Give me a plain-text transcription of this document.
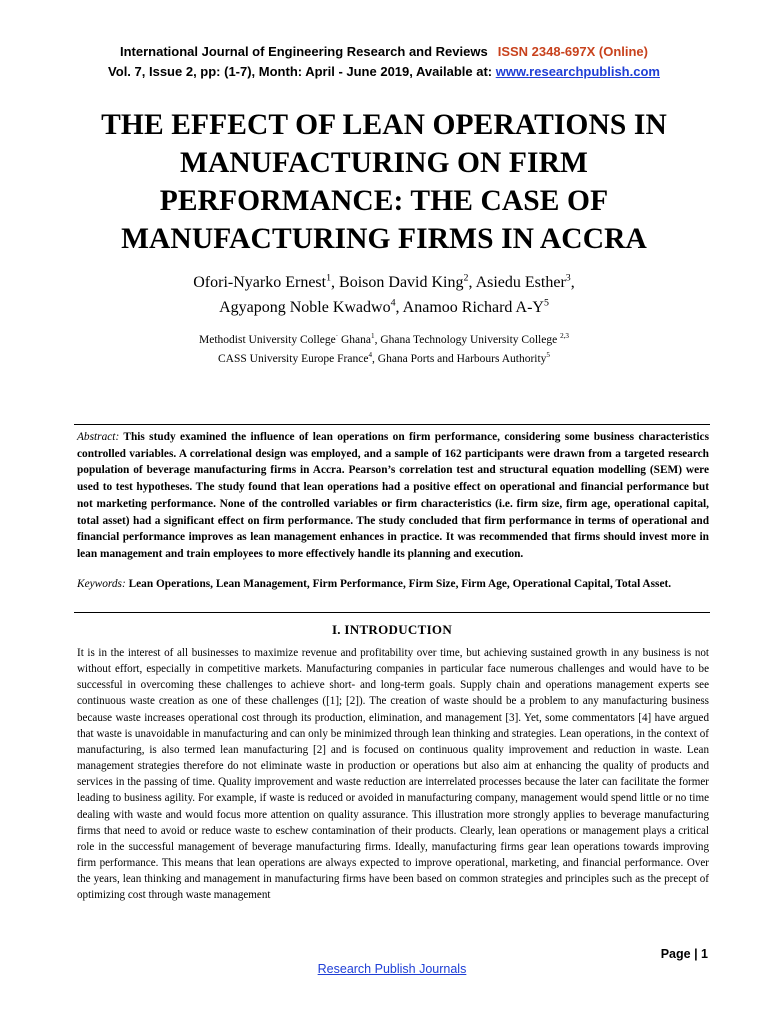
International Journal of Engineering Research and Reviews ISSN 2348-697X (Online)
Vol. 7, Issue 2, pp: (1-7), Month: April - June 2019, Available at: www.researchpublish.com
THE EFFECT OF LEAN OPERATIONS IN MANUFACTURING ON FIRM PERFORMANCE: THE CASE OF MANUFACTURING FIRMS IN ACCRA
Ofori-Nyarko Ernest$^1$, Boison David King$^2$, Asiedu Esther$^3$,
Agyapong Noble Kwadwo$^4$, Anamoo Richard $A-Y^5$
Methodist University College· Ghana$^1$, Ghana Technology University College $^{2,3}$
CASS University Europe France$^4$, Ghana Ports and Harbours Authority$^5$
Abstract: This study examined the influence of lean operations on firm performance, considering some business characteristics controlled variables. A correlational design was employed, and a sample of 162 participants were drawn from a targeted research population of beverage manufacturing firms in Accra. Pearson’s correlation test and structural equation modelling (SEM) were used to test hypotheses. The study found that lean operations had a positive effect on operational and financial performance but not marketing performance. None of the controlled variables or firm characteristics (i.e. firm size, firm age, operational capital, total asset) had a significant effect on firm performance. The study concluded that firm performance in terms of operational and financial performance improves as lean management enhances in practice. It was recommended that firms should invest more in lean management and train employees to more effectively handle its planning and execution.
Keywords: Lean Operations, Lean Management, Firm Performance, Firm Size, Firm Age, Operational Capital, Total Asset.
I. INTRODUCTION
It is in the interest of all businesses to maximize revenue and profitability over time, but achieving sustained growth in any business is not without effort, especially in competitive markets. Manufacturing companies in particular face numerous challenges and would have to be successful in overcoming these challenges to achieve short- and long-term goals. Supply chain and operations management experts see continuous waste creation as one of these challenges ([1]; [2]). The creation of waste should be a problem to any manufacturing business because waste increases operational cost through its production, elimination, and management [3]. Yet, some commentators [4] have argued that waste is unavoidable in manufacturing and can only be minimized through lean thinking and strategies. Lean operations, in the context of manufacturing, is also termed lean manufacturing [2] and is focused on continuous quality improvement and reduction in waste. Lean management strategies therefore do not eliminate waste in production or operations but also aim at enhancing the quality of products and services in the passing of time. Quality improvement and waste reduction are interrelated processes because the later can facilitate the former leading to business agility. For example, if waste is reduced or avoided in manufacturing company, management would spend little or no time dealing with waste and would focus more attention on quality assurance. This illustration more strongly applies to beverage manufacturing firms that need to avoid or reduce waste to eschew contamination of their products. Clearly, lean operations or management plays a critical role in the successful management of beverage manufacturing firms. Ideally, manufacturing firms gear lean operations towards improving firm performance. This means that lean operations are always expected to improve operational, marketing, and financial performance. Over the years, lean thinking and management in manufacturing firms have been based on common strategies and principles such as the precept of optimizing cost through waste management
Page | 1
Research Publish Journals
